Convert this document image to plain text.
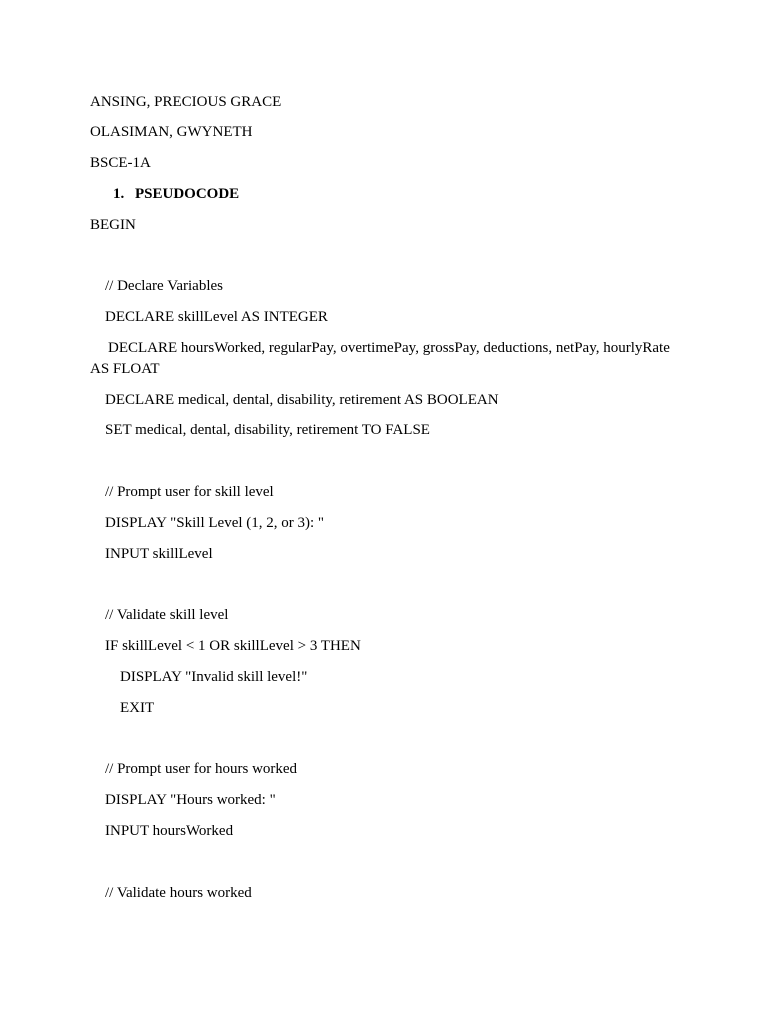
ANSING, PRECIOUS GRACE
OLASIMAN, GWYNETH
BSCE-1A
1. PSEUDOCODE
BEGIN
// Declare Variables
DECLARE skillLevel AS INTEGER
DECLARE hoursWorked, regularPay, overtimePay, grossPay, deductions, netPay, hourlyRate
AS FLOAT
DECLARE medical, dental, disability, retirement AS BOOLEAN
SET medical, dental, disability, retirement TO FALSE
// Prompt user for skill level
DISPLAY "Skill Level (1, 2, or 3): "
INPUT skillLevel
// Validate skill level
IF skillLevel < 1 OR skillLevel > 3 THEN
DISPLAY "Invalid skill level!"
EXIT
// Prompt user for hours worked
DISPLAY "Hours worked: "
INPUT hoursWorked
// Validate hours worked
